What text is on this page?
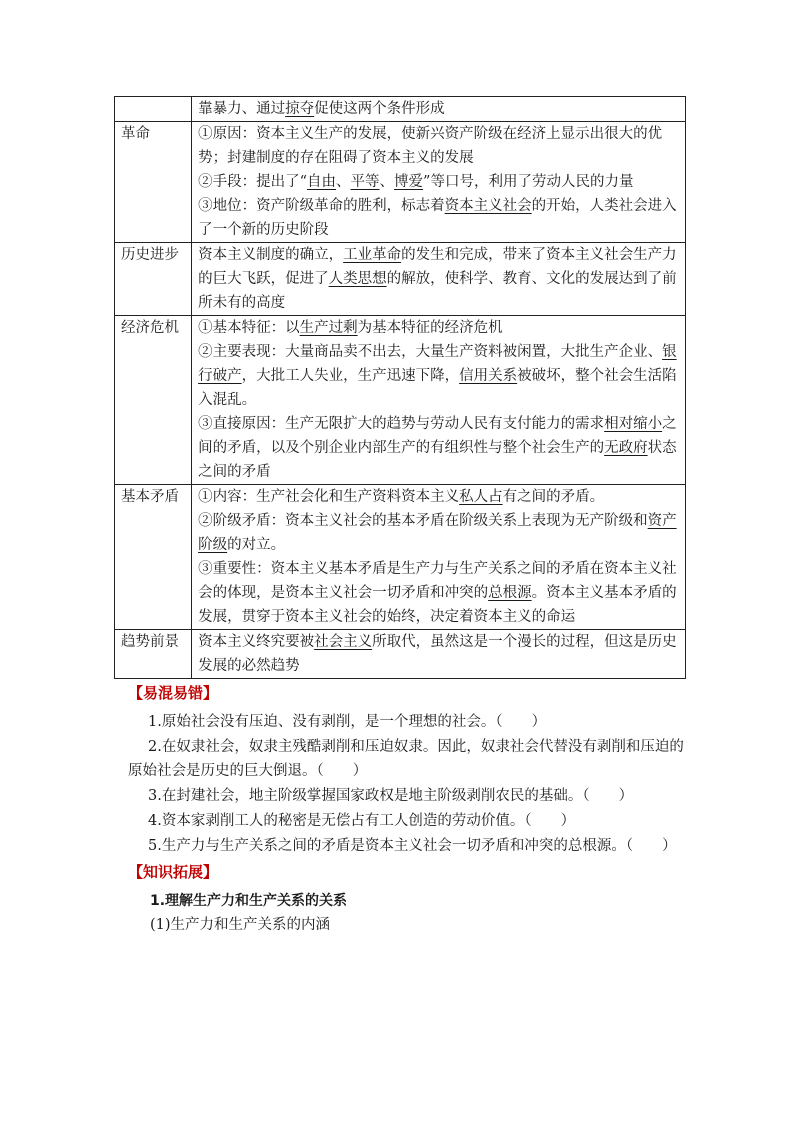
	靠暴力、通过掠夺促使这两个条件形成

革命	①原因：资本主义生产的发展，使新兴资产阶级在经济上显示出很大的优势；封建制度的存在阻碍了资本主义的发展
②手段：提出了“自由、平等、博爱”等口号，利用了劳动人民的力量
③地位：资产阶级革命的胜利，标志着资本主义社会的开始，人类社会进入了一个新的历史阶段

历史进步	资本主义制度的确立，工业革命的发生和完成，带来了资本主义社会生产力的巨大飞跃，促进了人类思想的解放，使科学、教育、文化的发展达到了前所未有的高度

经济危机	①基本特征：以生产过剩为基本特征的经济危机
②主要表现：大量商品卖不出去，大量生产资料被闲置，大批生产企业、银行破产，大批工人失业，生产迅速下降，信用关系被破坏，整个社会生活陷入混乱。
③直接原因：生产无限扩大的趋势与劳动人民有支付能力的需求相对缩小之间的矛盾，以及个别企业内部生产的有组织性与整个社会生产的无政府状态之间的矛盾

基本矛盾	①内容：生产社会化和生产资料资本主义私人占有之间的矛盾。
②阶级矛盾：资本主义社会的基本矛盾在阶级关系上表现为无产阶级和资产阶级的对立。
③重要性：资本主义基本矛盾是生产力与生产关系之间的矛盾在资本主义社会的体现，是资本主义社会一切矛盾和冲突的总根源。资本主义基本矛盾的发展，贯穿于资本主义社会的始终，决定着资本主义的命运

趋势前景	资本主义终究要被社会主义所取代，虽然这是一个漫长的过程，但这是历史发展的必然趋势
【易混易错】
1.原始社会没有压迫、没有剥削，是一个理想的社会。（　　）
2.在奴隶社会，奴隶主残酷剥削和压迫奴隶。因此，奴隶社会代替没有剥削和压迫的原始社会是历史的巨大倒退。（　　）
3.在封建社会，地主阶级掌握国家政权是地主阶级剥削农民的基础。（　　）
4.资本家剥削工人的秘密是无偿占有工人创造的劳动价值。（　　）
5.生产力与生产关系之间的矛盾是资本主义社会一切矛盾和冲突的总根源。（　　）
【知识拓展】
1.理解生产力和生产关系的关系
(1)生产力和生产关系的内涵
